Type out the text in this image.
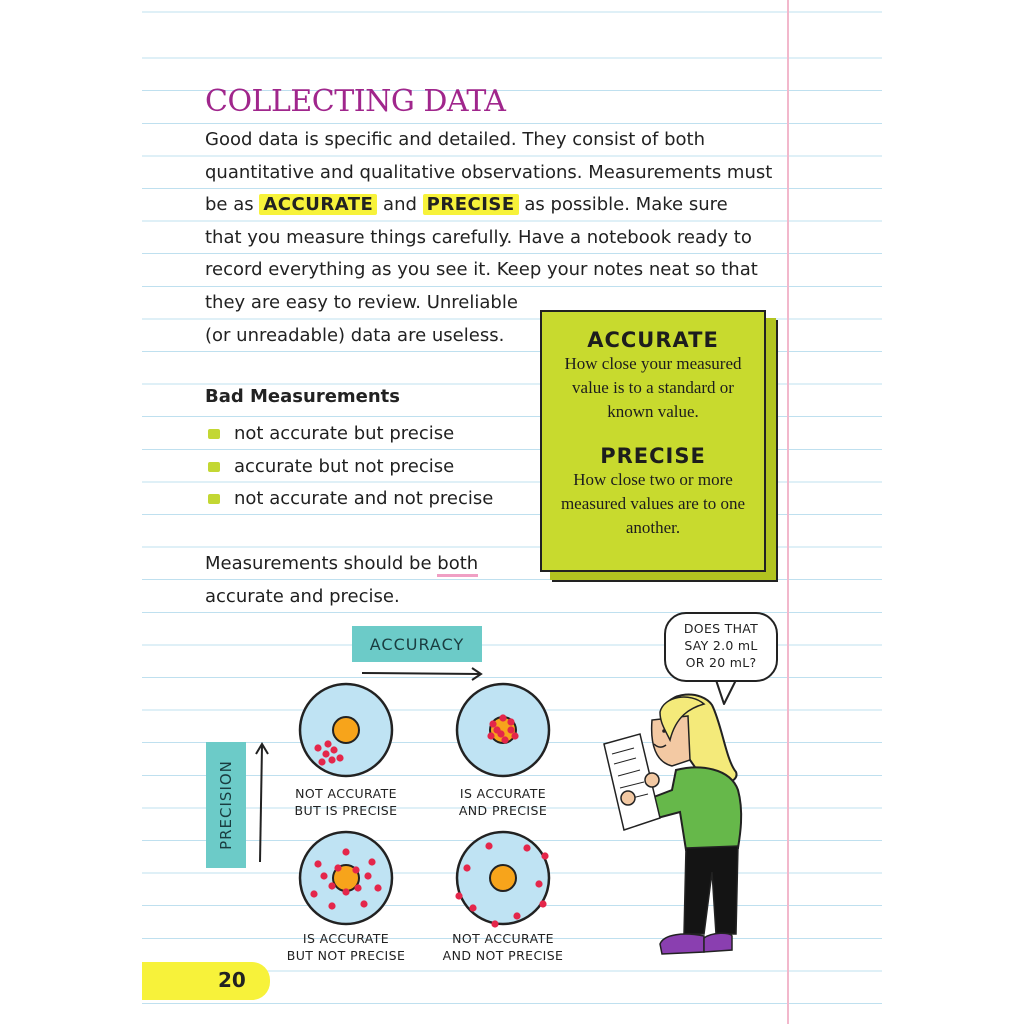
COLLECTING DATA
Good data is specific and detailed. They consist of both
quantitative and qualitative observations. Measurements must
be as ACCURATE and PRECISE as possible. Make sure
that you measure things carefully. Have a notebook ready to
record everything as you see it. Keep your notes neat so that
they are easy to review. Unreliable
(or unreadable) data are useless.
Bad Measurements
not accurate but precise
accurate but not precise
not accurate and not precise
Measurements should be both
accurate and precise.
ACCURATE
How close your measured value is to a standard or known value.
PRECISE
How close two or more measured values are to one another.
ACCURACY
PRECISION
DOES THAT
SAY 2.0 mL
OR 20 mL?
NOT ACCURATE
BUT IS PRECISE
IS ACCURATE
AND PRECISE
IS ACCURATE
BUT NOT PRECISE
NOT ACCURATE
AND NOT PRECISE
20
